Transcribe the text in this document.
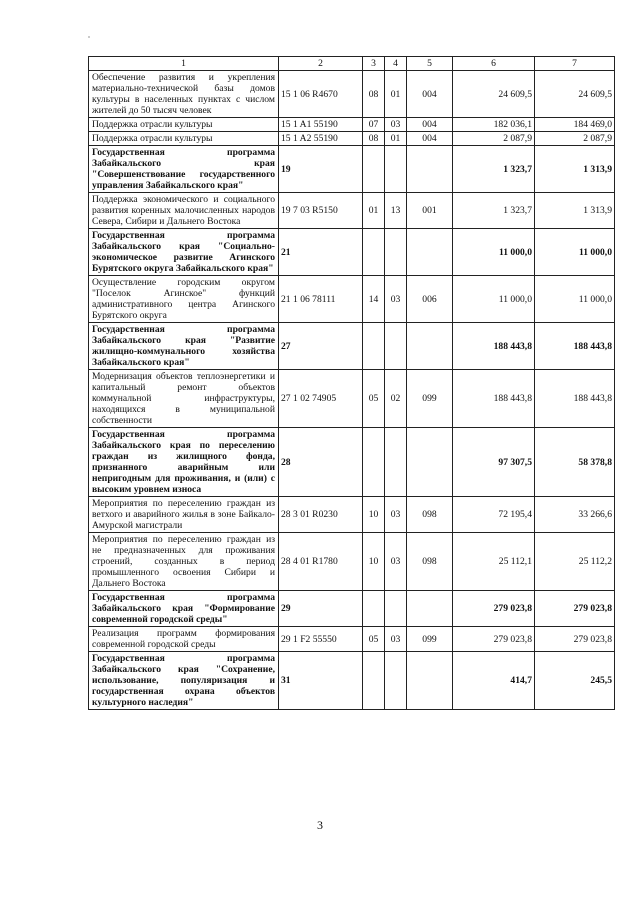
1	2	3	4	5	6	7
Обеспечение развития и укрепления материально-технической базы домов культуры в населенных пунктах с числом жителей до 50 тысяч человек	15 1 06 R4670	08	01	004	24 609,5	24 609,5
Поддержка отрасли культуры	15 1 A1 55190	07	03	004	182 036,1	184 469,0
Поддержка отрасли культуры	15 1 A2 55190	08	01	004	2 087,9	2 087,9
Государственная программа Забайкальского края "Совершенствование государственного управления Забайкальского края"	19				1 323,7	1 313,9
Поддержка экономического и социального развития коренных малочисленных народов Севера, Сибири и Дальнего Востока	19 7 03 R5150	01	13	001	1 323,7	1 313,9
Государственная программа Забайкальского края "Социально-экономическое развитие Агинского Бурятского округа Забайкальского края"	21				11 000,0	11 000,0
Осуществление городским округом "Поселок Агинское" функций административного центра Агинского Бурятского округа	21 1 06 78111	14	03	006	11 000,0	11 000,0
Государственная программа Забайкальского края "Развитие жилищно-коммунального хозяйства Забайкальского края"	27				188 443,8	188 443,8
Модернизация объектов теплоэнергетики и капитальный ремонт объектов коммунальной инфраструктуры, находящихся в муниципальной собственности	27 1 02 74905	05	02	099	188 443,8	188 443,8
Государственная программа Забайкальского края по переселению граждан из жилищного фонда, признанного аварийным или непригодным для проживания, и (или) с высоким уровнем износа	28				97 307,5	58 378,8
Мероприятия по переселению граждан из ветхого и аварийного жилья в зоне Байкало-Амурской магистрали	28 3 01 R0230	10	03	098	72 195,4	33 266,6
Мероприятия по переселению граждан из не предназначенных для проживания строений, созданных в период промышленного освоения Сибири и Дальнего Востока	28 4 01 R1780	10	03	098	25 112,1	25 112,2
Государственная программа Забайкальского края "Формирование современной городской среды"	29				279 023,8	279 023,8
Реализация программ формирования современной городской среды	29 1 F2 55550	05	03	099	279 023,8	279 023,8
Государственная программа Забайкальского края "Сохранение, использование, популяризация и государственная охрана объектов культурного наследия"	31				414,7	245,5
3
